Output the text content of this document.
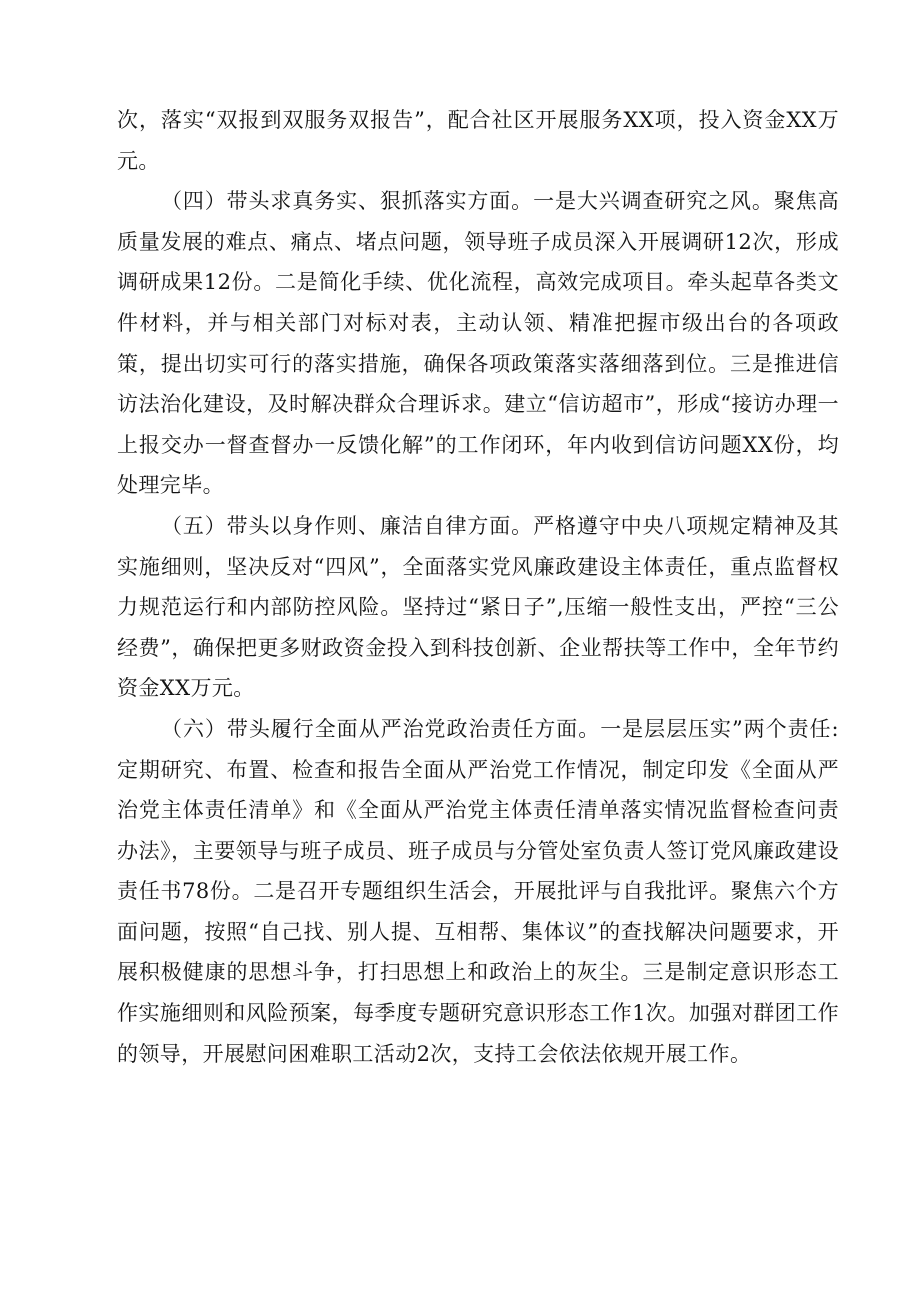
次，落实“双报到双服务双报告”，配合社区开展服务XX项，投入资金XX万元。

（四）带头求真务实、狠抓落实方面。一是大兴调查研究之风。聚焦高质量发展的难点、痛点、堵点问题，领导班子成员深入开展调研12次，形成调研成果12份。二是简化手续、优化流程，高效完成项目。牵头起草各类文件材料，并与相关部门对标对表，主动认领、精准把握市级出台的各项政策，提出切实可行的落实措施，确保各项政策落实落细落到位。三是推进信访法治化建设，及时解决群众合理诉求。建立“信访超市”，形成“接访办理一上报交办一督查督办一反馈化解”的工作闭环，年内收到信访问题XX份，均处理完毕。

（五）带头以身作则、廉洁自律方面。严格遵守中央八项规定精神及其实施细则，坚决反对“四风”，全面落实党风廉政建设主体责任，重点监督权力规范运行和内部防控风险。坚持过“紧日子”,压缩一般性支出，严控“三公经费”，确保把更多财政资金投入到科技创新、企业帮扶等工作中，全年节约资金XX万元。

（六）带头履行全面从严治党政治责任方面。一是层层压实”两个责任:定期研究、布置、检查和报告全面从严治党工作情况，制定印发《全面从严治党主体责任清单》和《全面从严治党主体责任清单落实情况监督检查问责办法》，主要领导与班子成员、班子成员与分管处室负责人签订党风廉政建设责任书78份。二是召开专题组织生活会，开展批评与自我批评。聚焦六个方面问题，按照“自己找、别人提、互相帮、集体议”的查找解决问题要求，开展积极健康的思想斗争，打扫思想上和政治上的灰尘。三是制定意识形态工作实施细则和风险预案，每季度专题研究意识形态工作1次。加强对群团工作的领导，开展慰问困难职工活动2次，支持工会依法依规开展工作。
